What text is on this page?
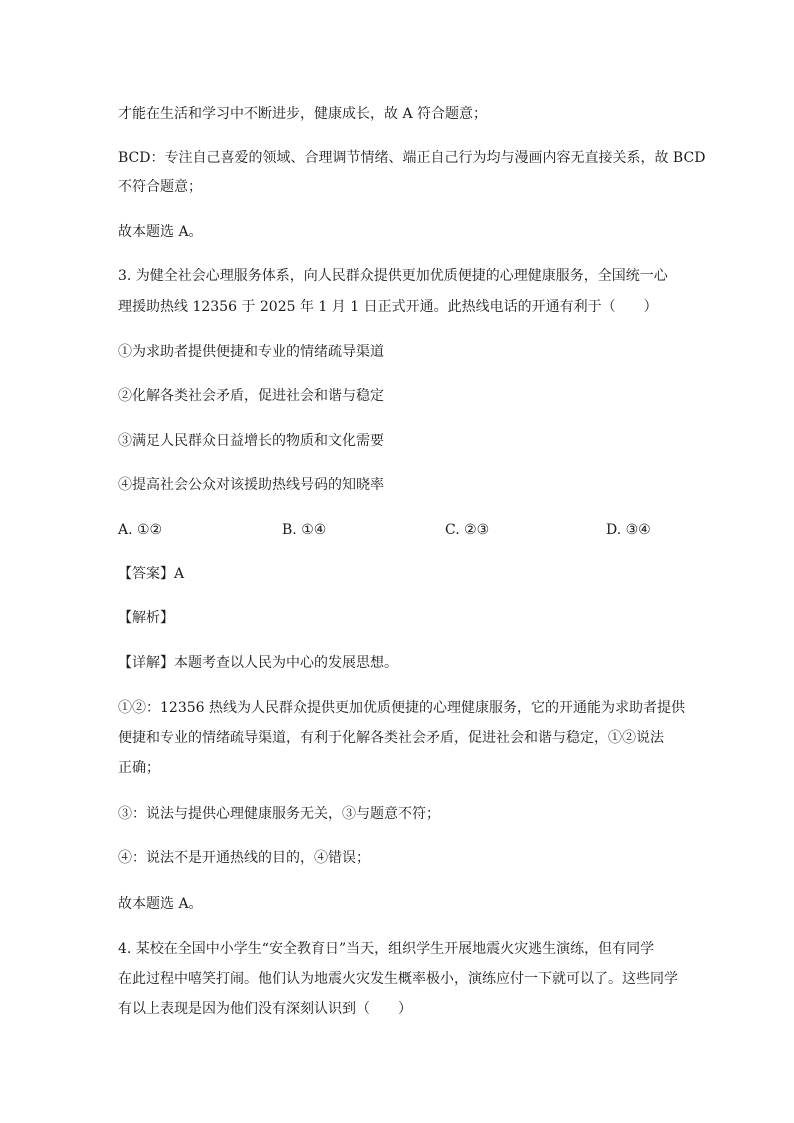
才能在生活和学习中不断进步，健康成长，故 A 符合题意；
BCD：专注自己喜爱的领域、合理调节情绪、端正自己行为均与漫画内容无直接关系，故 BCD
不符合题意；
故本题选 A。
3. 为健全社会心理服务体系，向人民群众提供更加优质便捷的心理健康服务，全国统一心
理援助热线 12356 于 2025 年 1 月 1 日正式开通。此热线电话的开通有利于（　　）
①为求助者提供便捷和专业的情绪疏导渠道
②化解各类社会矛盾，促进社会和谐与稳定
③满足人民群众日益增长的物质和文化需要
④提高社会公众对该援助热线号码的知晓率
A. ①②	B. ①④	C. ②③	D. ③④
【答案】A
【解析】
【详解】本题考查以人民为中心的发展思想。
①②：12356 热线为人民群众提供更加优质便捷的心理健康服务，它的开通能为求助者提供
便捷和专业的情绪疏导渠道，有利于化解各类社会矛盾，促进社会和谐与稳定，①②说法
正确；
③：说法与提供心理健康服务无关，③与题意不符；
④：说法不是开通热线的目的，④错误；
故本题选 A。
4. 某校在全国中小学生“安全教育日”当天，组织学生开展地震火灾逃生演练，但有同学
在此过程中嘻笑打闹。他们认为地震火灾发生概率极小，演练应付一下就可以了。这些同学
有以上表现是因为他们没有深刻认识到（　　）
